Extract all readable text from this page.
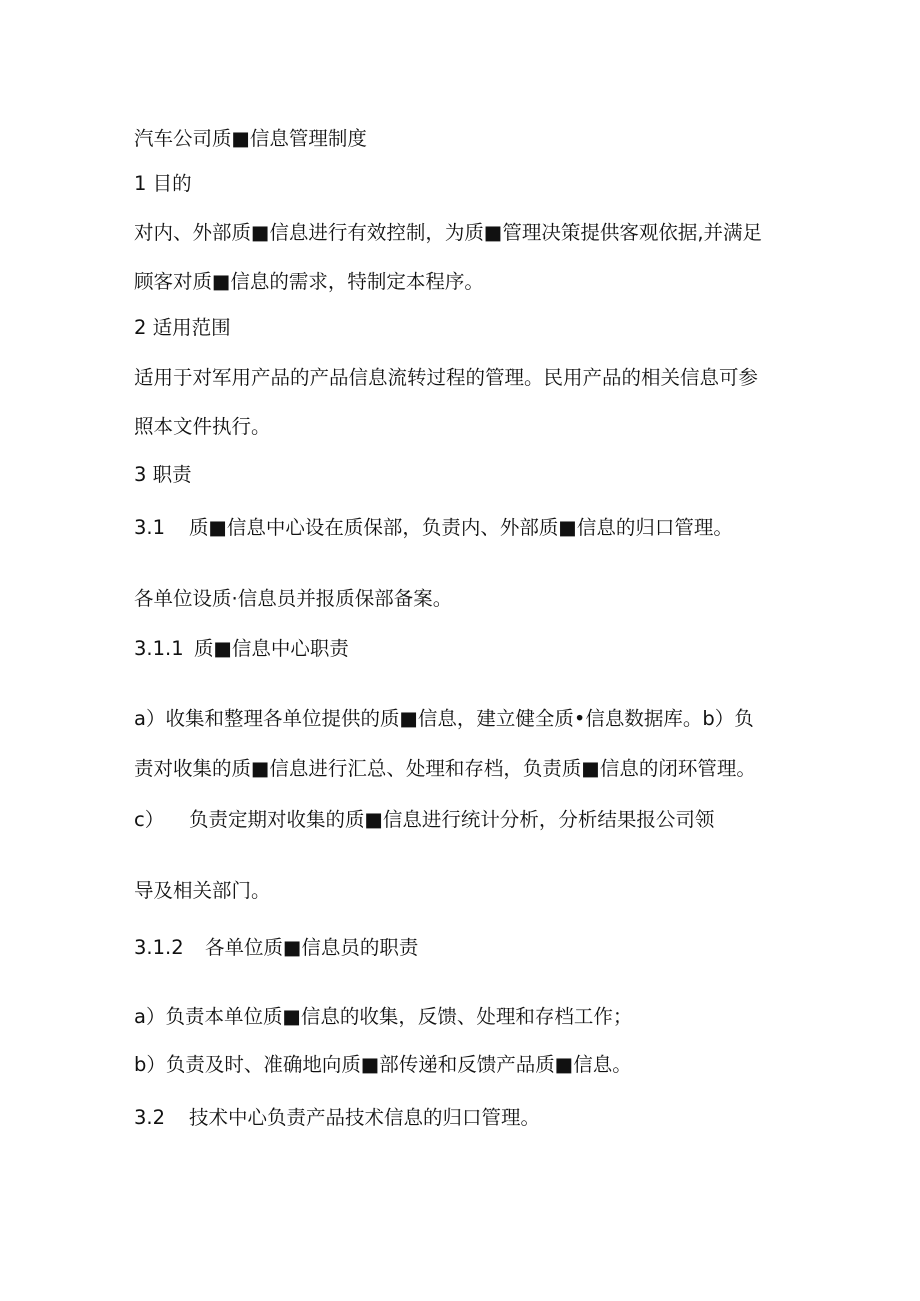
汽车公司质■信息管理制度

1 目的

对内、外部质■信息进行有效控制，为质■管理决策提供客观依据,并满足

顾客对质■信息的需求，特制定本程序。

2 适用范围

适用于对军用产品的产品信息流转过程的管理。民用产品的相关信息可参

照本文件执行。

3 职责

3.1 质■信息中心设在质保部，负责内、外部质■信息的归口管理。

各单位设质·信息员并报质保部备案。

3.1.1 质■信息中心职责

a）收集和整理各单位提供的质■信息，建立健全质•信息数据库。b）负

责对收集的质■信息进行汇总、处理和存档，负责质■信息的闭环管理。

c） 负责定期对收集的质■信息进行统计分析，分析结果报公司领

导及相关部门。

3.1.2 各单位质■信息员的职责

a）负责本单位质■信息的收集，反馈、处理和存档工作；

b）负责及时、准确地向质■部传递和反馈产品质■信息。

3.2 技术中心负责产品技术信息的归口管理。
